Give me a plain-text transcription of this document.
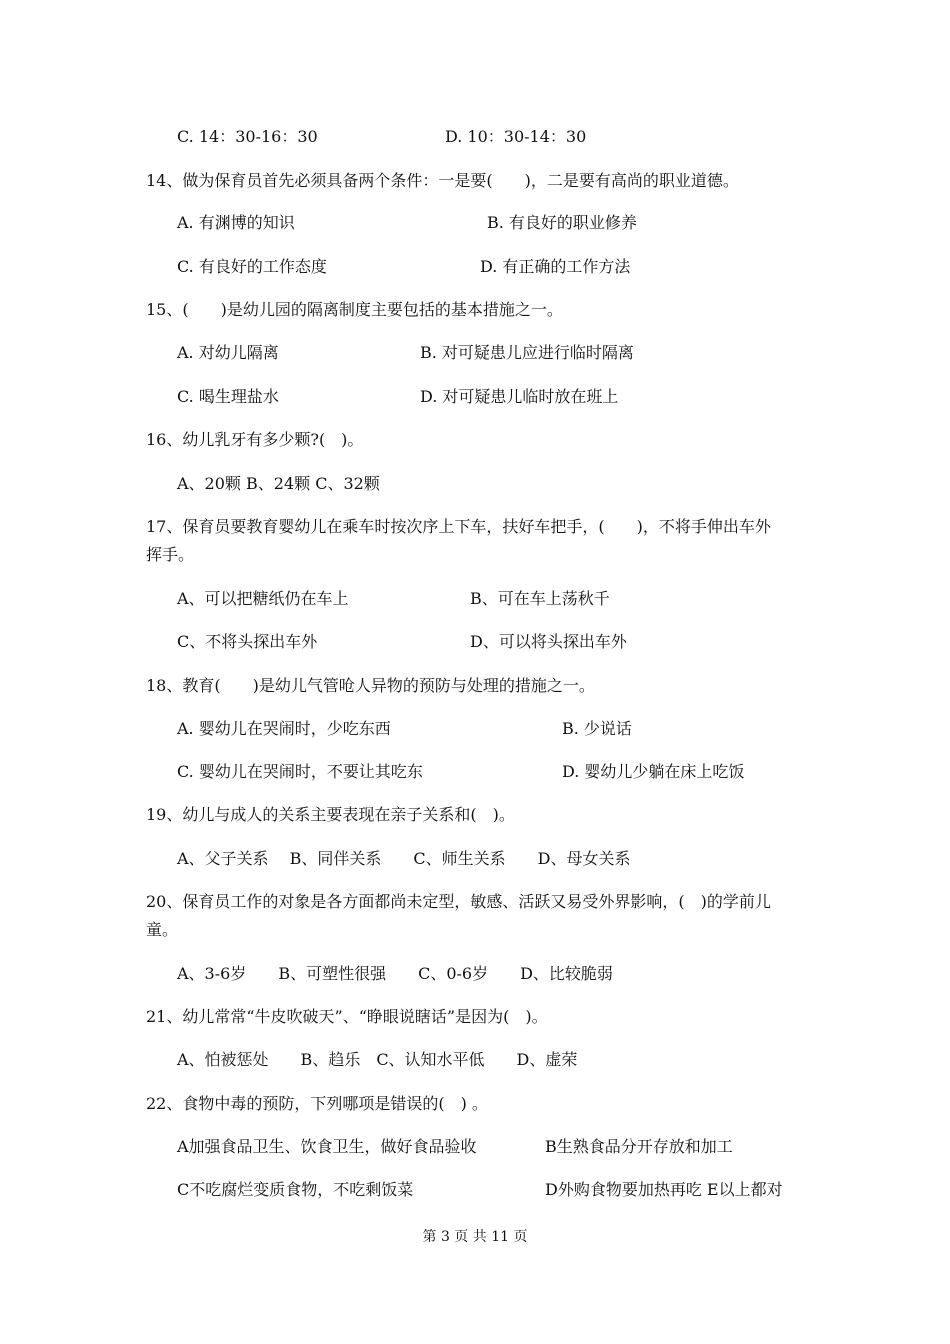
C. 14：30-16：30	D. 10：30-14：30
14、做为保育员首先必须具备两个条件：一是要(　　)，二是要有高尚的职业道德。
A. 有渊博的知识	B. 有良好的职业修养
C. 有良好的工作态度	D. 有正确的工作方法
15、(　　)是幼儿园的隔离制度主要包括的基本措施之一。
A. 对幼儿隔离	B. 对可疑患儿应进行临时隔离
C. 喝生理盐水	D. 对可疑患儿临时放在班上
16、幼儿乳牙有多少颗?(　)。
A、20颗 B、24颗 C、32颗
17、保育员要教育婴幼儿在乘车时按次序上下车，扶好车把手，(　　)，不将手伸出车外
挥手。
A、可以把糖纸仍在车上	B、可在车上荡秋千
C、不将头探出车外	D、可以将头探出车外
18、教育(　　)是幼儿气管呛人异物的预防与处理的措施之一。
A. 婴幼儿在哭闹时，少吃东西	B. 少说话
C. 婴幼儿在哭闹时，不要让其吃东	D. 婴幼儿少躺在床上吃饭
19、幼儿与成人的关系主要表现在亲子关系和(　)。
A、父子关系　 B、同伴关系　　C、师生关系　　D、母女关系
20、保育员工作的对象是各方面都尚未定型，敏感、活跃又易受外界影响，(　)的学前儿
童。
A、3-6岁　　B、可塑性很强　　C、0-6岁　　D、比较脆弱
21、幼儿常常“牛皮吹破天”、“睁眼说瞎话”是因为(　)。
A、怕被惩处　　B、趋乐　C、认知水平低　　D、虚荣
22、食物中毒的预防，下列哪项是错误的(　) 。
A加强食品卫生、饮食卫生，做好食品验收	B生熟食品分开存放和加工
C不吃腐烂变质食物，不吃剩饭菜	D外购食物要加热再吃 E以上都对
第 3 页 共 11 页
